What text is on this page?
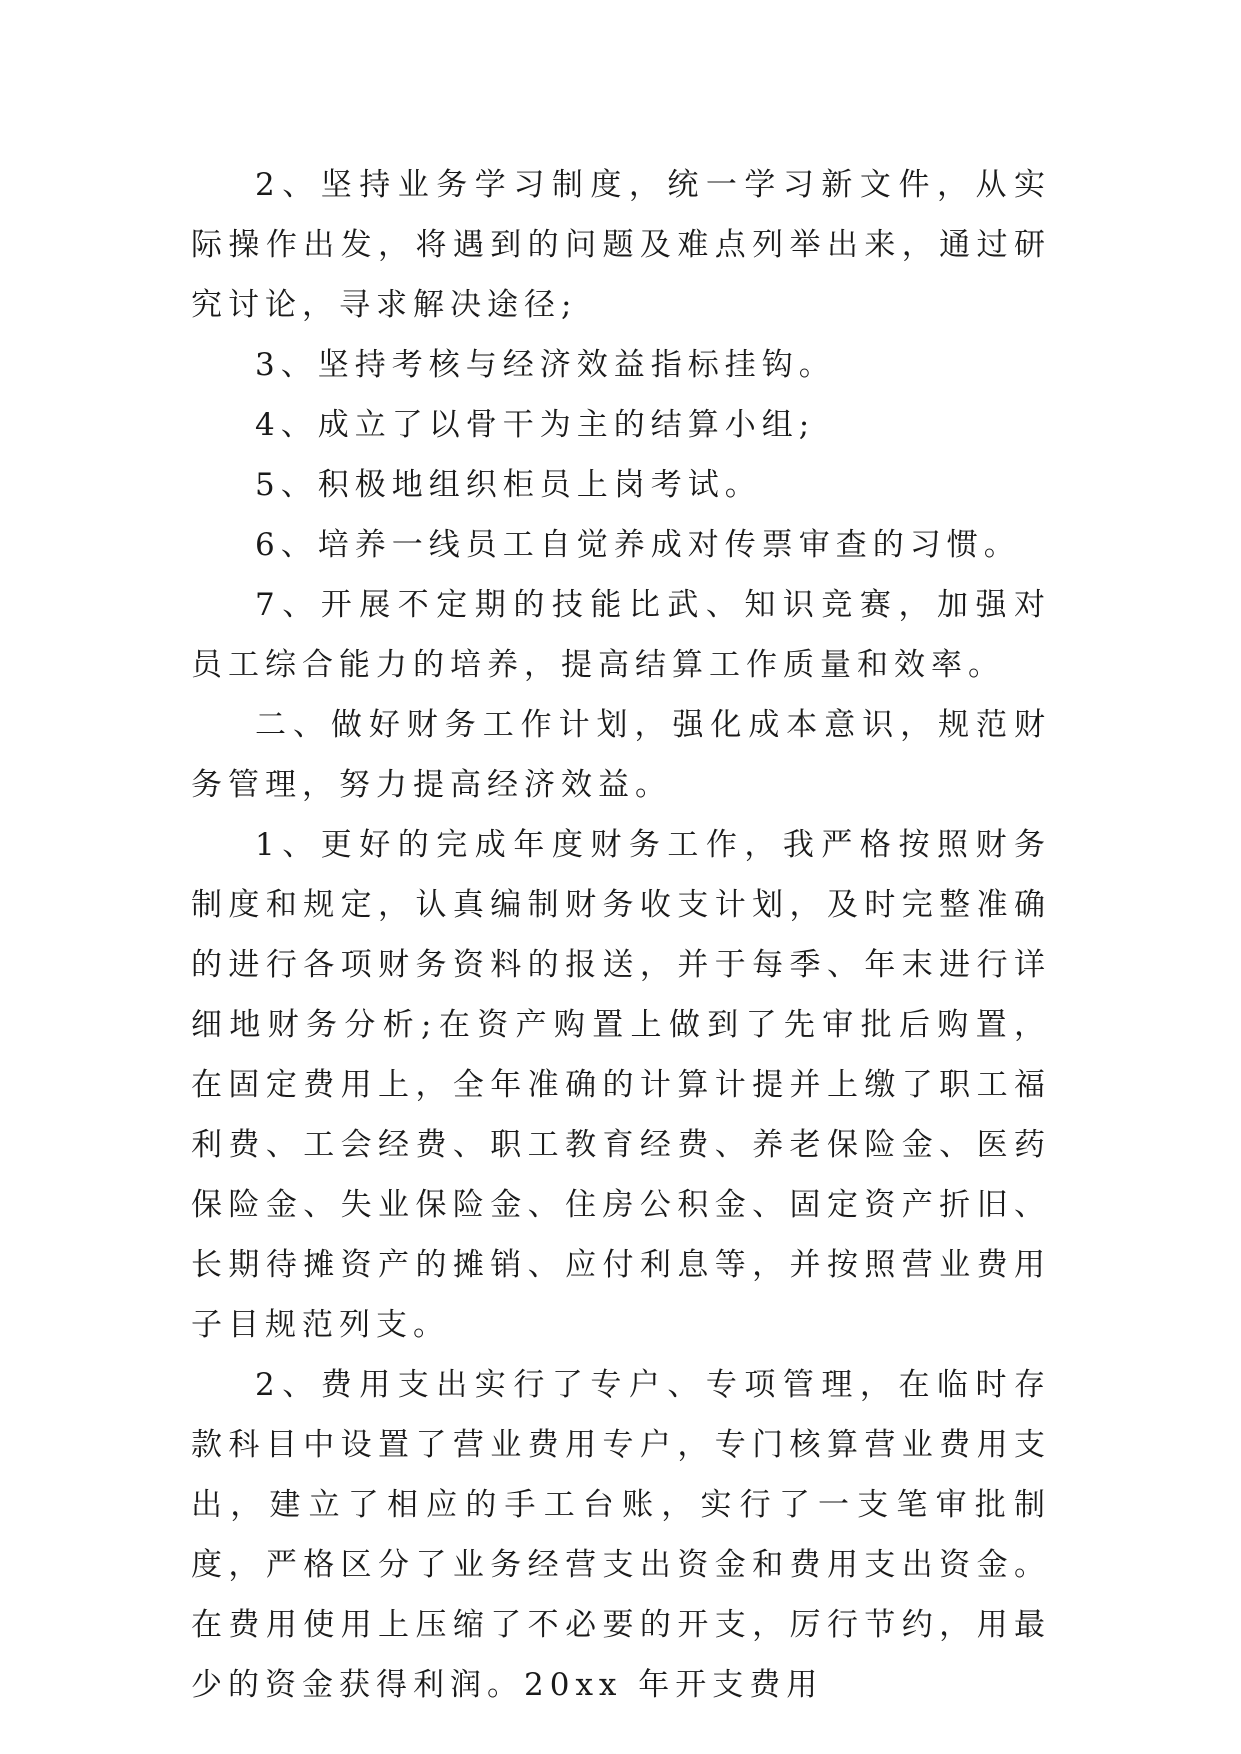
2、坚持业务学习制度，统一学习新文件，从实际操作出发，将遇到的问题及难点列举出来，通过研究讨论，寻求解决途径;

3、坚持考核与经济效益指标挂钩。

4、成立了以骨干为主的结算小组;

5、积极地组织柜员上岗考试。

6、培养一线员工自觉养成对传票审查的习惯。

7、开展不定期的技能比武、知识竞赛，加强对员工综合能力的培养，提高结算工作质量和效率。

二、做好财务工作计划，强化成本意识，规范财务管理，努力提高经济效益。

1、更好的完成年度财务工作，我严格按照财务制度和规定，认真编制财务收支计划，及时完整准确的进行各项财务资料的报送，并于每季、年末进行详细地财务分析;在资产购置上做到了先审批后购置，在固定费用上，全年准确的计算计提并上缴了职工福利费、工会经费、职工教育经费、养老保险金、医药保险金、失业保险金、住房公积金、固定资产折旧、长期待摊资产的摊销、应付利息等，并按照营业费用子目规范列支。

2、费用支出实行了专户、专项管理，在临时存款科目中设置了营业费用专户，专门核算营业费用支出，建立了相应的手工台账，实行了一支笔审批制度，严格区分了业务经营支出资金和费用支出资金。在费用使用上压缩了不必要的开支，厉行节约，用最少的资金获得利润。20xx 年开支费用
